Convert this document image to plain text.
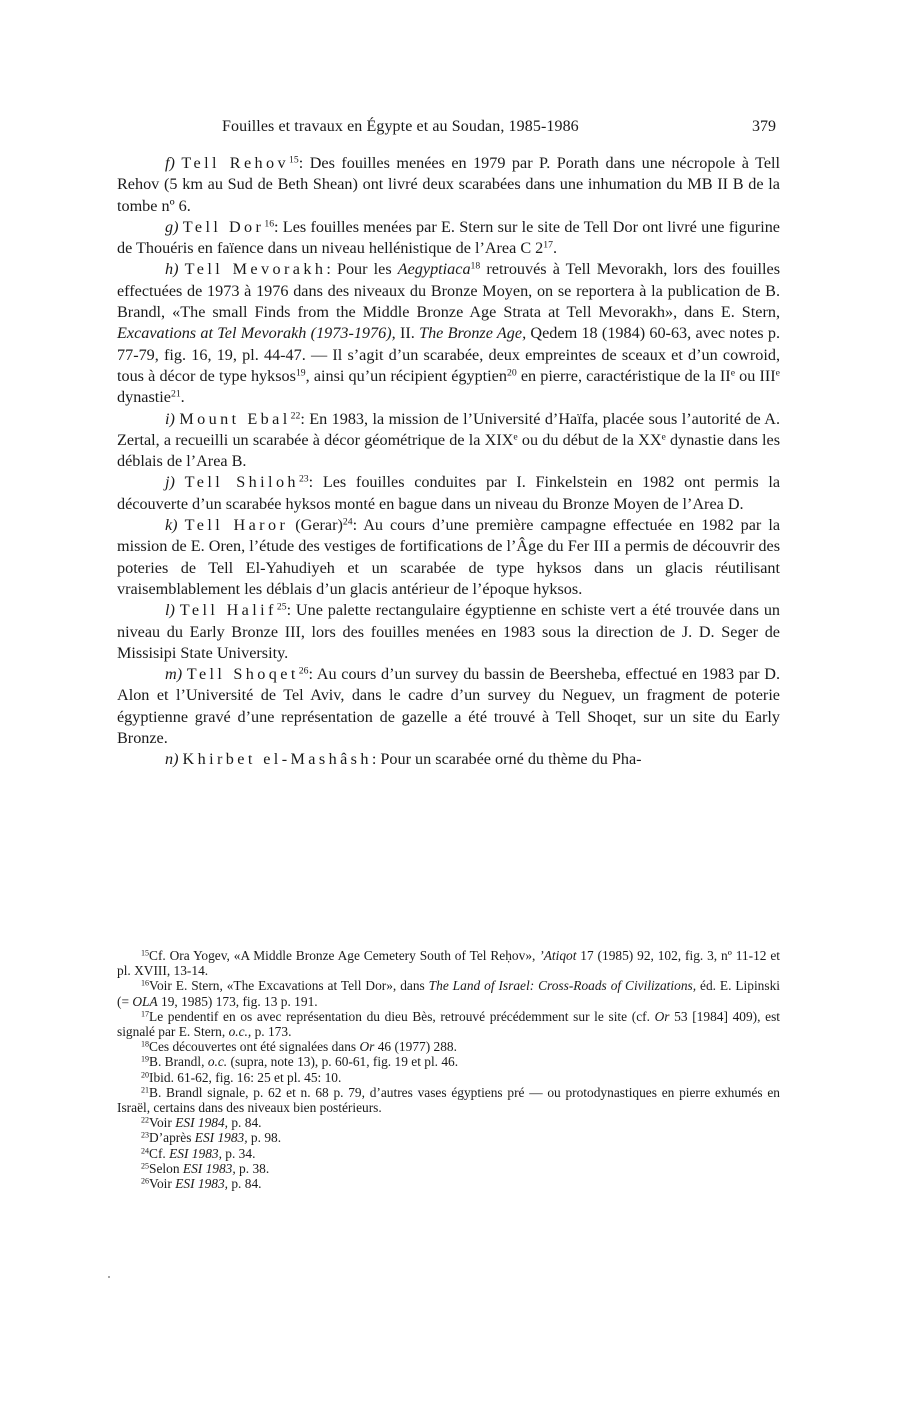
Fouilles et travaux en Égypte et au Soudan, 1985-1986	379

f) Tell Rehov$^{15}$: Des fouilles menées en 1979 par P. Porath dans une nécropole à Tell Rehov (5 km au Sud de Beth Shean) ont livré deux scarabées dans une inhumation du MB II B de la tombe nº 6.

g) Tell Dor$^{16}$: Les fouilles menées par E. Stern sur le site de Tell Dor ont livré une figurine de Thouéris en faïence dans un niveau hellénistique de l’Area C $2^{17}$.

h) Tell Mevorakh: Pour les Aegyptiaca$^{18}$ retrouvés à Tell Mevorakh, lors des fouilles effectuées de 1973 à 1976 dans des niveaux du Bronze Moyen, on se reportera à la publication de B. Brandl, «The small Finds from the Middle Bronze Age Strata at Tell Mevorakh», dans E. Stern, Excavations at Tel Mevorakh (1973-1976), II. The Bronze Age, Qedem 18 (1984) 60-63, avec notes p. 77-79, fig. 16, 19, pl. 44-47. — Il s’agit d’un scarabée, deux empreintes de sceaux et d’un cowroid, tous à décor de type hyksos$^{19}$, ainsi qu’un récipient égyptien$^{20}$ en pierre, caractéristique de la IIe ou IIIe dynastie$^{21}$.

i) Mount Ebal$^{22}$: En 1983, la mission de l’Université d’Haïfa, placée sous l’autorité de A. Zertal, a recueilli un scarabée à décor géométrique de la XIXe ou du début de la XXe dynastie dans les déblais de l’Area B.

j) Tell Shiloh$^{23}$: Les fouilles conduites par I. Finkelstein en 1982 ont permis la découverte d’un scarabée hyksos monté en bague dans un niveau du Bronze Moyen de l’Area D.

k) Tell Haror (Gerar)$^{24}$: Au cours d’une première campagne effectuée en 1982 par la mission de E. Oren, l’étude des vestiges de fortifications de l’Âge du Fer III a permis de découvrir des poteries de Tell El-Yahudiyeh et un scarabée de type hyksos dans un glacis réutilisant vraisemblablement les déblais d’un glacis antérieur de l’époque hyksos.

l) Tell Halif$^{25}$: Une palette rectangulaire égyptienne en schiste vert a été trouvée dans un niveau du Early Bronze III, lors des fouilles menées en 1983 sous la direction de J. D. Seger de Missisipi State University.

m) Tell Shoqet$^{26}$: Au cours d’un survey du bassin de Beersheba, effectué en 1983 par D. Alon et l’Université de Tel Aviv, dans le cadre d’un survey du Neguev, un fragment de poterie égyptienne gravé d’une représentation de gazelle a été trouvé à Tell Shoqet, sur un site du Early Bronze.

n) Khirbet el-Mashâsh: Pour un scarabée orné du thème du Pha-

$^{15}$Cf. Ora Yogev, «A Middle Bronze Age Cemetery South of Tel Reḥov», ’Atiqot 17 (1985) 92, 102, fig. 3, nº 11-12 et pl. XVIII, 13-14.

$^{16}$Voir E. Stern, «The Excavations at Tell Dor», dans The Land of Israel: Cross-Roads of Civilizations, éd. E. Lipinski (= OLA 19, 1985) 173, fig. 13 p. 191.

$^{17}$Le pendentif en os avec représentation du dieu Bès, retrouvé précédemment sur le site (cf. Or 53 [1984] 409), est signalé par E. Stern, o.c., p. 173.

$^{18}$Ces découvertes ont été signalées dans Or 46 (1977) 288.

$^{19}$B. Brandl, o.c. (supra, note 13), p. 60-61, fig. 19 et pl. 46.

$^{20}$Ibid. 61-62, fig. 16: 25 et pl. 45: 10.

$^{21}$B. Brandl signale, p. 62 et n. 68 p. 79, d’autres vases égyptiens pré — ou protodynastiques en pierre exhumés en Israël, certains dans des niveaux bien postérieurs.

$^{22}$Voir ESI 1984, p. 84.

$^{23}$D’après ESI 1983, p. 98.

$^{24}$Cf. ESI 1983, p. 34.

$^{25}$Selon ESI 1983, p. 38.

$^{26}$Voir ESI 1983, p. 84.
